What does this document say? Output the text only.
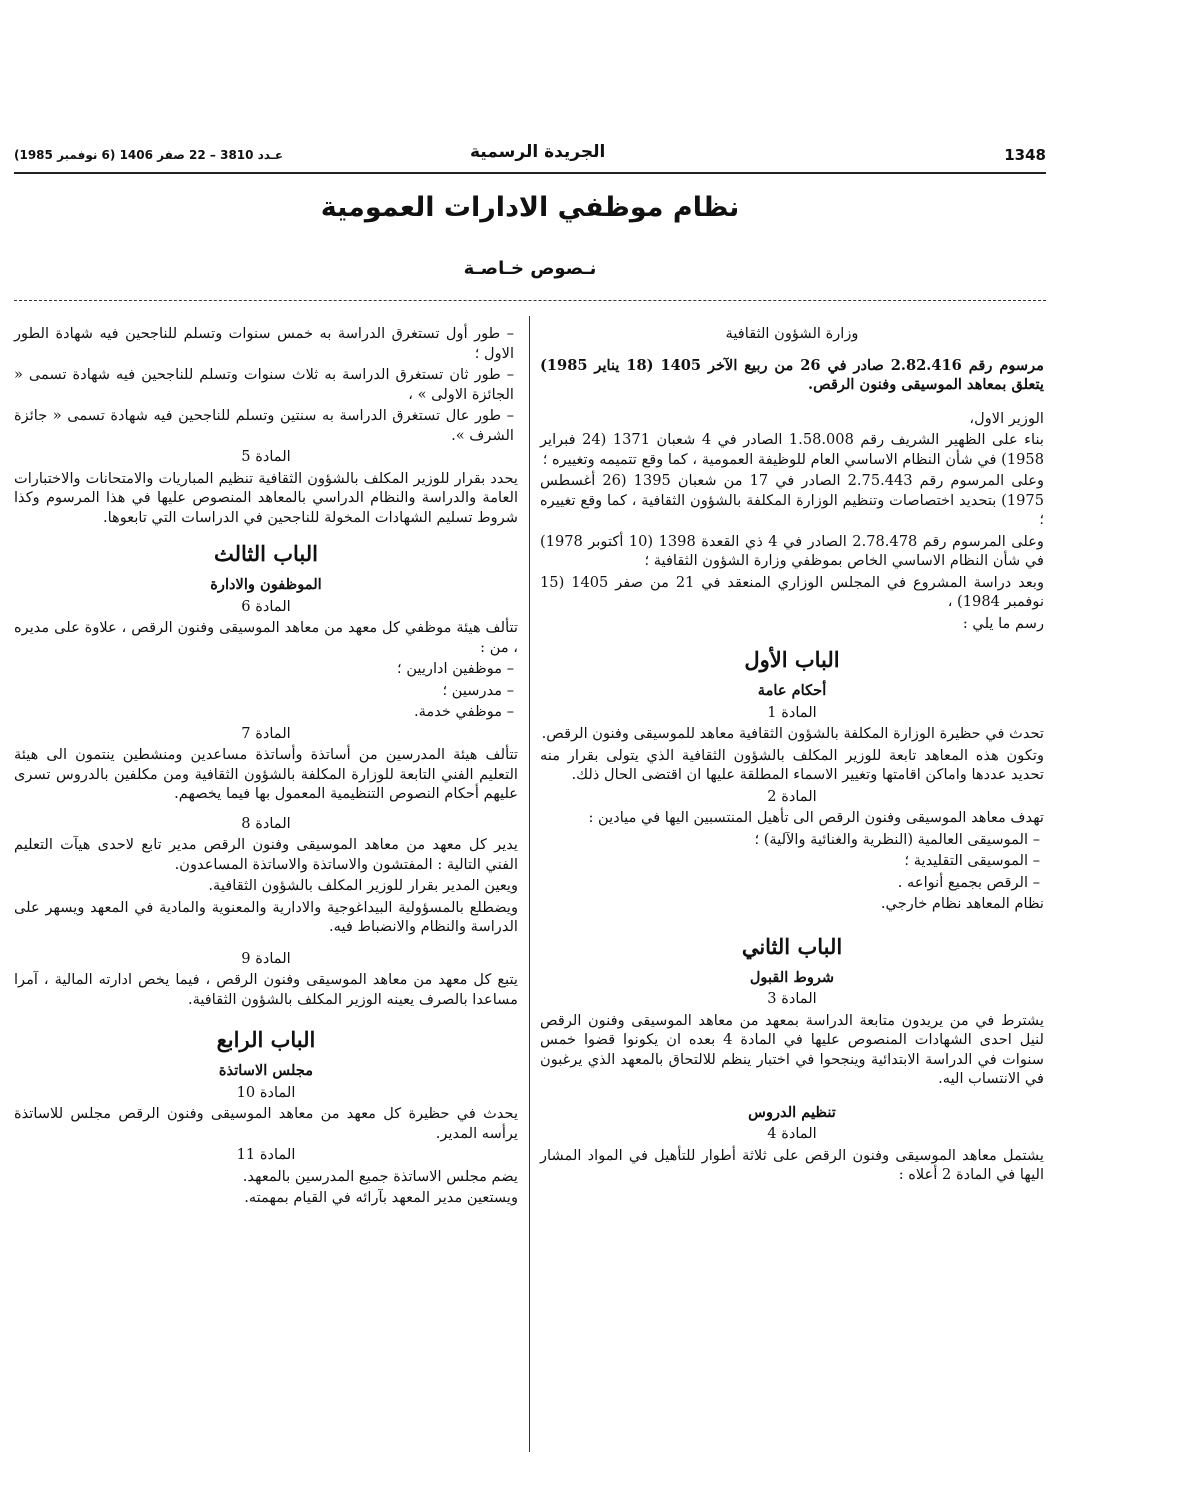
1348
الجريدة الرسمية
عـدد 3810 – 22 صفر 1406 (6 نوفمبر 1985)
نظام موظفي الادارات العمومية
نـصوص خـاصـة

وزارة الشؤون الثقافية

مرسوم رقم 2.82.416 صادر في 26 من ربيع الآخر 1405 (18 يناير 1985) يتعلق بمعاهد الموسيقى وفنون الرقص.

الوزير الاول،

بناء على الظهير الشريف رقم 1.58.008 الصادر في 4 شعبان 1371 (24 فبراير 1958) في شأن النظام الاساسي العام للوظيفة العمومية ، كما وقع تتميمه وتغييره ؛

وعلى المرسوم رقم 2.75.443 الصادر في 17 من شعبان 1395 (26 أغسطس 1975) بتحديد اختصاصات وتنظيم الوزارة المكلفة بالشؤون الثقافية ، كما وقع تغييره ؛

وعلى المرسوم رقم 2.78.478 الصادر في 4 ذي القعدة 1398 (10 أكتوبر 1978) في شأن النظام الاساسي الخاص بموظفي وزارة الشؤون الثقافية ؛

وبعد دراسة المشروع في المجلس الوزاري المنعقد في 21 من صفر 1405 (15 نوفمبر 1984) ،

رسم ما يلي :

الباب الأول

أحكام عامة

المادة 1

تحدث في حظيرة الوزارة المكلفة بالشؤون الثقافية معاهد للموسيقى وفنون الرقص.

وتكون هذه المعاهد تابعة للوزير المكلف بالشؤون الثقافية الذي يتولى بقرار منه تحديد عددها واماكن اقامتها وتغيير الاسماء المطلقة عليها ان اقتضى الحال ذلك.

المادة 2

تهدف معاهد الموسيقى وفنون الرقص الى تأهيل المنتسبين اليها في ميادين :

– الموسيقى العالمية (النظرية والغنائية والآلية) ؛

– الموسيقى التقليدية ؛

– الرقص بجميع أنواعه .

نظام المعاهد نظام خارجي.

الباب الثاني

شروط القبول

المادة 3

يشترط في من يريدون متابعة الدراسة بمعهد من معاهد الموسيقى وفنون الرقص لنيل احدى الشهادات المنصوص عليها في المادة 4 بعده ان يكونوا قضوا خمس سنوات في الدراسة الابتدائية وينجحوا في اختبار ينظم للالتحاق بالمعهد الذي يرغبون في الانتساب اليه.

تنظيم الدروس

المادة 4

يشتمل معاهد الموسيقى وفنون الرقص على ثلاثة أطوار للتأهيل في المواد المشار اليها في المادة 2 أعلاه :

– طور أول تستغرق الدراسة به خمس سنوات وتسلم للناجحين فيه شهادة الطور الاول ؛

– طور ثان تستغرق الدراسة به ثلاث سنوات وتسلم للناجحين فيه شهادة تسمى « الجائزة الاولى » ،

– طور عال تستغرق الدراسة به سنتين وتسلم للناجحين فيه شهادة تسمى « جائزة الشرف ».

المادة 5

يحدد بقرار للوزير المكلف بالشؤون الثقافية تنظيم المباريات والامتحانات والاختبارات العامة والدراسة والنظام الدراسي بالمعاهد المنصوص عليها في هذا المرسوم وكذا شروط تسليم الشهادات المخولة للناجحين في الدراسات التي تابعوها.

الباب الثالث

الموظفون والادارة

المادة 6

تتألف هيئة موظفي كل معهد من معاهد الموسيقى وفنون الرقص ، علاوة على مديره ، من :

– موظفين اداريين ؛

– مدرسين ؛

– موظفي خدمة.

المادة 7

تتألف هيئة المدرسين من أساتذة وأساتذة مساعدين ومنشطين ينتمون الى هيئة التعليم الفني التابعة للوزارة المكلفة بالشؤون الثقافية ومن مكلفين بالدروس تسرى عليهم أحكام النصوص التنظيمية المعمول بها فيما يخصهم.

المادة 8

يدير كل معهد من معاهد الموسيقى وفنون الرقص مدير تابع لاحدى هيآت التعليم الفني التالية : المفتشون والاساتذة والاساتذة المساعدون.

ويعين المدير بقرار للوزير المكلف بالشؤون الثقافية.

ويضطلع بالمسؤولية البيداغوجية والادارية والمعنوية والمادية في المعهد ويسهر على الدراسة والنظام والانضباط فيه.

المادة 9

يتبع كل معهد من معاهد الموسيقى وفنون الرقص ، فيما يخص ادارته المالية ، آمرا مساعدا بالصرف يعينه الوزير المكلف بالشؤون الثقافية.

الباب الرابع

مجلس الاساتذة

المادة 10

يحدث في حظيرة كل معهد من معاهد الموسيقى وفنون الرقص مجلس للاساتذة يرأسه المدير.

المادة 11

يضم مجلس الاساتذة جميع المدرسين بالمعهد.

ويستعين مدير المعهد بآرائه في القيام بمهمته.
